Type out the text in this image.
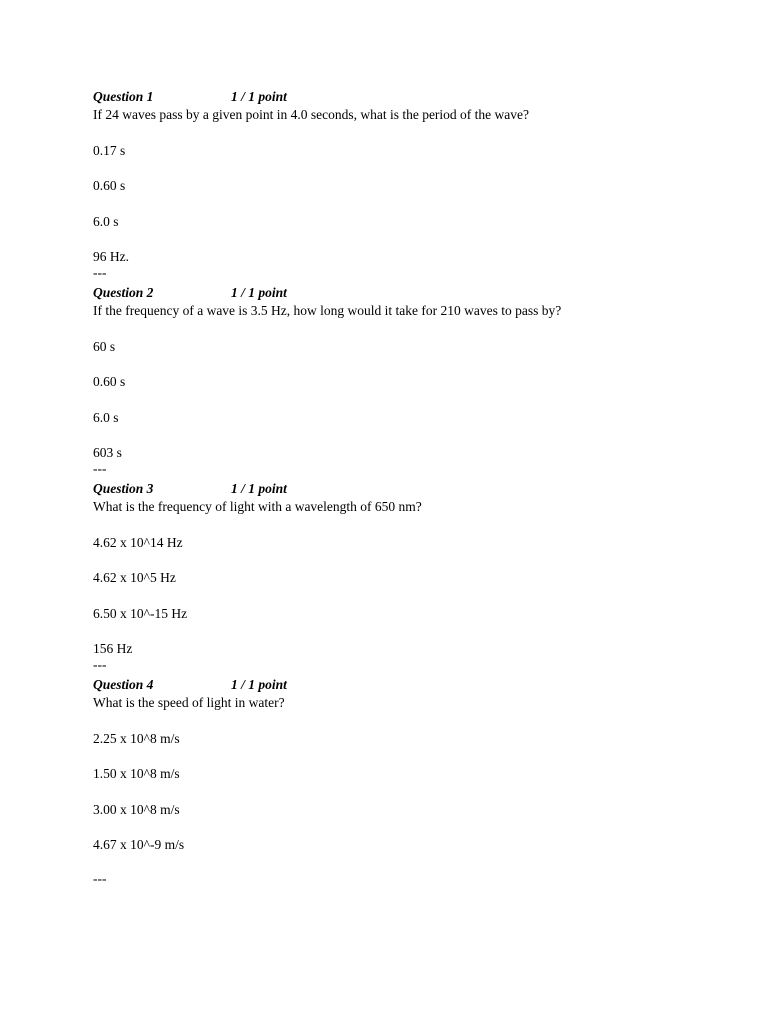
Question 1	1 / 1 point
If 24 waves pass by a given point in 4.0 seconds, what is the period of the wave?
0.17 s
0.60 s
6.0 s
96 Hz.
---
Question 2	1 / 1 point
If the frequency of a wave is 3.5 Hz, how long would it take for 210 waves to pass by?
60 s
0.60 s
6.0 s
603 s
---
Question 3	1 / 1 point
What is the frequency of light with a wavelength of 650 nm?
4.62 x 10^14 Hz
4.62 x 10^5 Hz
6.50 x 10^-15 Hz
156 Hz
---
Question 4	1 / 1 point
What is the speed of light in water?
2.25 x 10^8 m/s
1.50 x 10^8 m/s
3.00 x 10^8 m/s
4.67 x 10^-9 m/s
---
